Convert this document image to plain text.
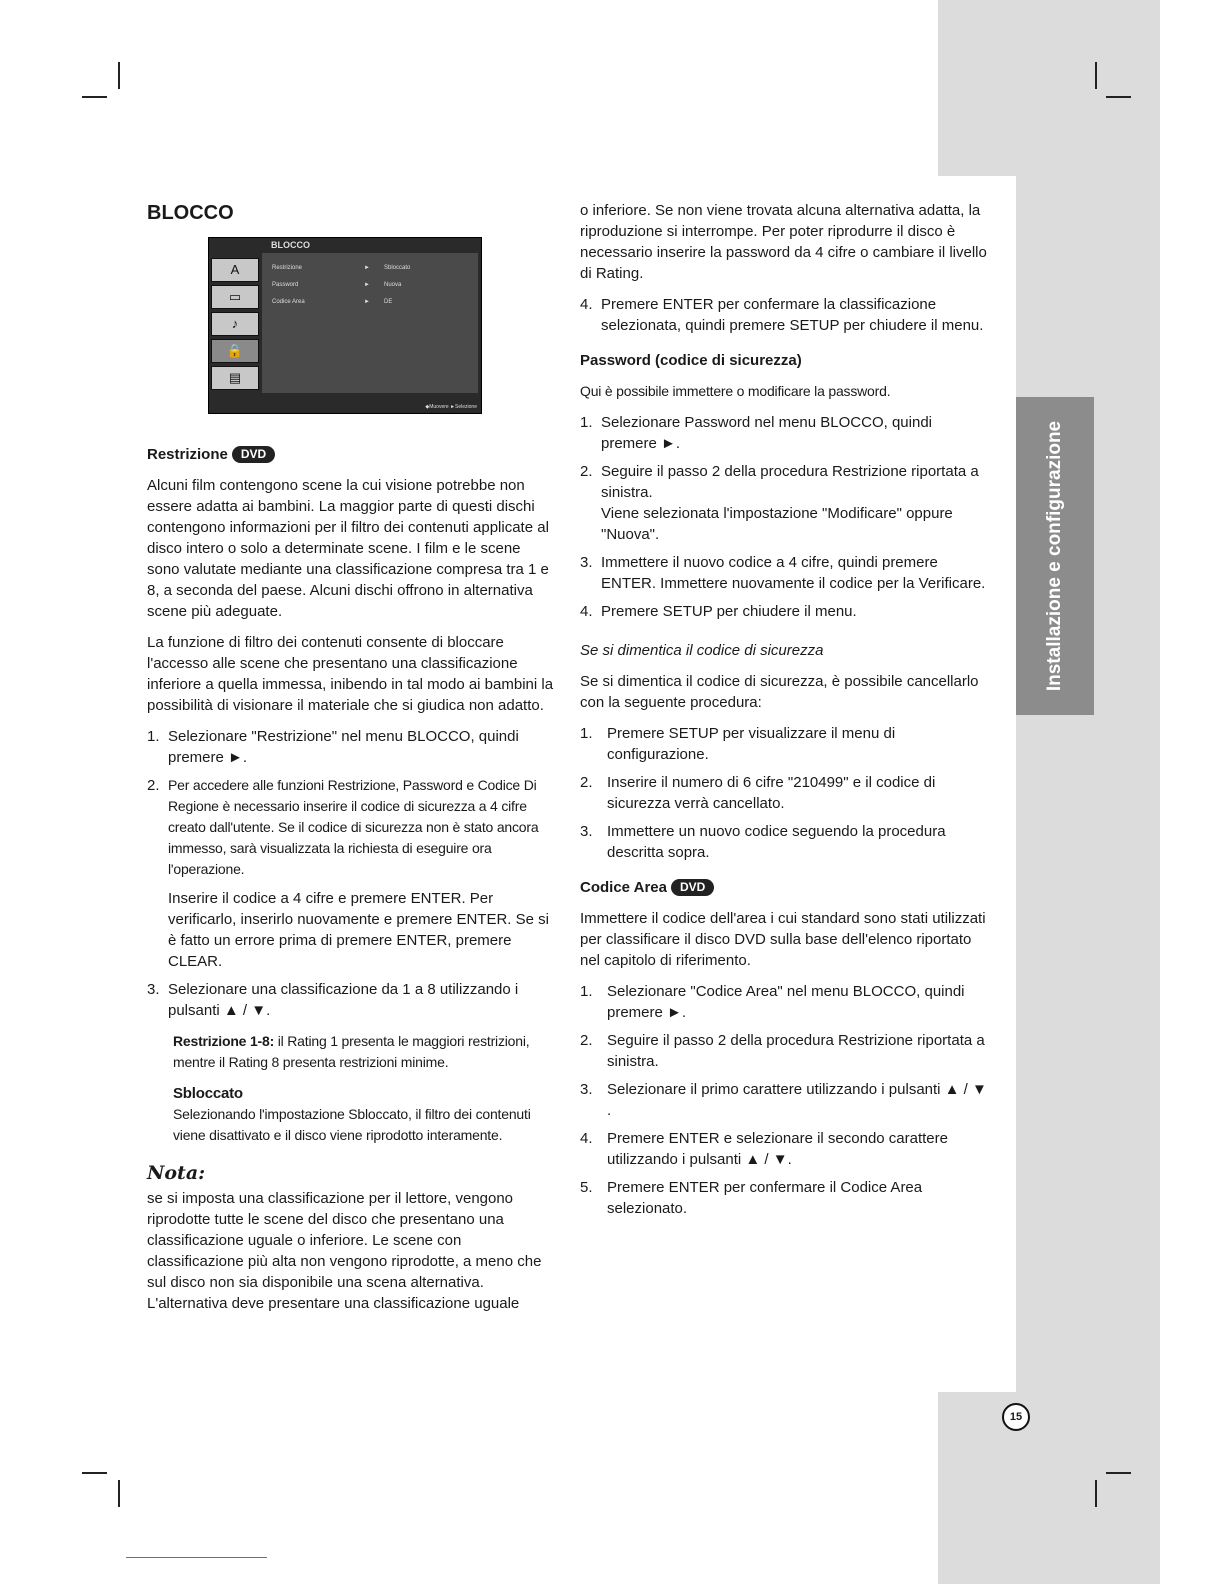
Installazione e configurazione
BLOCCO
A
▭
♪
🔒
▤
Restrizione	► Sbloccato
Password	► Nuova
Codice Area	► DE
◆Muovere ►Selezione
BLOCCO
Restrizione DVD

Alcuni film contengono scene la cui visione potrebbe non essere adatta ai bambini. La maggior parte di questi dischi contengono informazioni per il filtro dei contenuti applicate al disco intero o solo a determinate scene. I film e le scene sono valutate mediante una classificazione compresa tra 1 e 8, a seconda del paese. Alcuni dischi offrono in alternativa scene più adeguate.

La funzione di filtro dei contenuti consente di bloccare l'accesso alle scene che presentano una classificazione inferiore a quella immessa, inibendo in tal modo ai bambini la possibilità di visionare il materiale che si giudica non adatto.

1. Selezionare "Restrizione" nel menu BLOCCO, quindi premere ►.
2. Per accedere alle funzioni Restrizione, Password e Codice Di Regione è necessario inserire il codice di sicurezza a 4 cifre creato dall'utente. Se il codice di sicurezza non è stato ancora immesso, sarà visualizzata la richiesta di eseguire ora l'operazione.
Inserire il codice a 4 cifre e premere ENTER. Per verificarlo, inserirlo nuovamente e premere ENTER. Se si è fatto un errore prima di premere ENTER, premere CLEAR.
3. Selezionare una classificazione da 1 a 8 utilizzando i pulsanti ▲ / ▼.
Restrizione 1-8: il Rating 1 presenta le maggiori restrizioni, mentre il Rating 8 presenta restrizioni minime.
Sbloccato
Selezionando l'impostazione Sbloccato, il filtro dei contenuti viene disattivato e il disco viene riprodotto interamente.
Nota:
se si imposta una classificazione per il lettore, vengono riprodotte tutte le scene del disco che presentano una classificazione uguale o inferiore. Le scene con classificazione più alta non vengono riprodotte, a meno che sul disco non sia disponibile una scena alternativa. L'alternativa deve presentare una classificazione uguale

o inferiore. Se non viene trovata alcuna alternativa adatta, la riproduzione si interrompe. Per poter riprodurre il disco è necessario inserire la password da 4 cifre o cambiare il livello di Rating.

4. Premere ENTER per confermare la classificazione selezionata, quindi premere SETUP per chiudere il menu.
Password (codice di sicurezza)

Qui è possibile immettere o modificare la password.

1. Selezionare Password nel menu BLOCCO, quindi premere ►.
2. Seguire il passo 2 della procedura Restrizione riportata a sinistra.
Viene selezionata l'impostazione "Modificare" oppure "Nuova".
3. Immettere il nuovo codice a 4 cifre, quindi premere ENTER. Immettere nuovamente il codice per la Verificare.
4. Premere SETUP per chiudere il menu.
Se si dimentica il codice di sicurezza

Se si dimentica il codice di sicurezza, è possibile cancellarlo con la seguente procedura:

1. Premere SETUP per visualizzare il menu di configurazione.
2. Inserire il numero di 6 cifre "210499" e il codice di sicurezza verrà cancellato.
3. Immettere un nuovo codice seguendo la procedura descritta sopra.
Codice Area DVD

Immettere il codice dell'area i cui standard sono stati utilizzati per classificare il disco DVD sulla base dell'elenco riportato nel capitolo di riferimento.

1. Selezionare "Codice Area" nel menu BLOCCO, quindi premere ►.
2. Seguire il passo 2 della procedura Restrizione riportata a sinistra.
3. Selezionare il primo carattere utilizzando i pulsanti ▲ / ▼ .
4. Premere ENTER e selezionare il secondo carattere utilizzando i pulsanti ▲ / ▼.
5. Premere ENTER per confermare il Codice Area selezionato.
15
